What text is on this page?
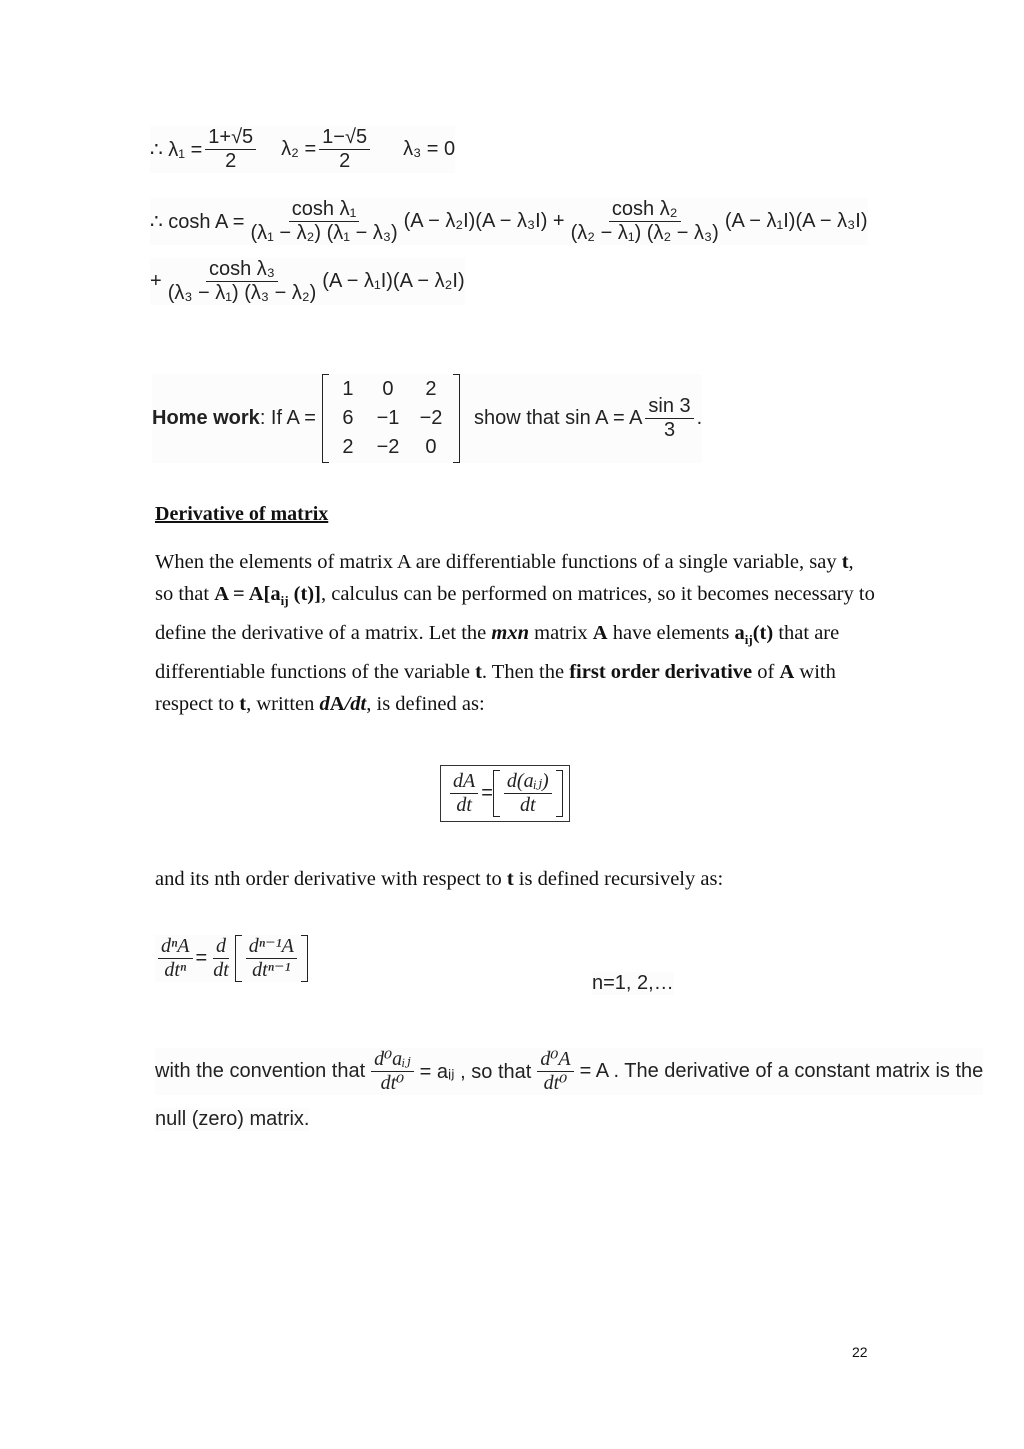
∴ $\lambda_1 = \frac{1+√5}{2} \lambda_2 = \frac{1-√5}{2} \lambda_3 = 0$
∴ $\cosh A = \frac{\text{cosh λ₁}}{\text{(λ₁ − λ₂) (λ₁ − λ₃)}} (A - \lambda_2I)(A - \lambda_3I) + \frac{\text{cosh λ₂}}{\text{(λ₂ − λ₁) (λ₂ − λ₃)}} (A - \lambda_1I)(A - \lambda_3I)$
+ $\frac{\text{cosh λ₃}}{\text{(λ₃ − λ₁) (λ₃ − λ₂)}} (A - \lambda_1I)(A - \lambda_2I)$
Home work : If A =
1	0	2
6	−1	−2
2	−2	0
show that sin A = A $\frac{\sin 3}{3}$ .
Derivative of matrix
When the elements of matrix A are differentiable functions of a single variable, say t, so that $A = A[a_{ij}$ (t)], calculus can be performed on matrices, so it becomes necessary to define the derivative of a matrix. Let the mxn matrix A have elements $a_{ij}(t)$ that are differentiable functions of the variable t. Then the first order derivative of A with respect to t, written dA/dt, is defined as:
$\frac{dA}{dt} = \frac{\text{d(aᵢⱼ)}}{dt}$
and its nth order derivative with respect to t is defined recursively as:
$\frac{\text{dⁿA}}{\text{dtⁿ}} = \frac{d}{dt} \frac{\text{dⁿ⁻¹A}}{\text{dtⁿ⁻¹}}$
n=1, 2,…
with the convention that $\frac{\text{d⁰aᵢⱼ}}{\text{dt⁰}}$ = aᵢⱼ , so that $\frac{\text{d⁰A}}{\text{dt⁰}} = A$ . The derivative of a constant matrix is the
null (zero) matrix.
22
